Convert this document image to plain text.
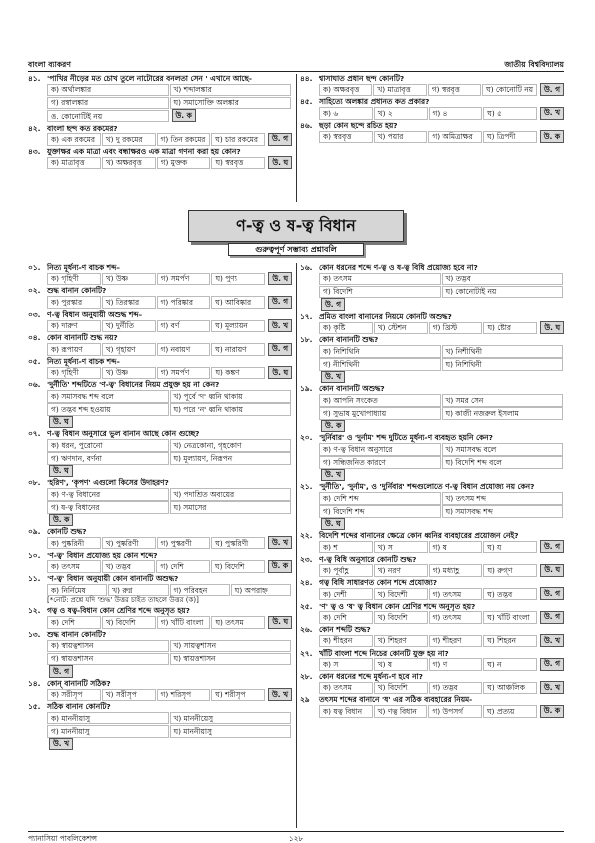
বাংলা ব্যাকরণ	জাতীয় বিশ্ববিদ্যালয়
৪১. 'পাখির নীড়ের মত চোখ তুলে নাটোরের বনলতা সেন ' এখানে আছে-
ক) অর্থালঙ্কার	খ) শব্দালঙ্কার
গ) রস্বালঙ্কার	ঘ) সমাসোক্তি অলঙ্কার
ঙ. কোনোটিই নয়	উ. ক
৪২. বাংলা ছন্দ কত রকমের?
ক) এক রকমের	খ) দু রকমের	গ) তিন রকমের	ঘ) চার রকমের	উ. গ
৪৩. যুক্তাক্ষর এক মাত্রা এবং বন্ধাক্ষরও এক মাত্রা গণনা করা হয় কোন?
ক) মাত্রাবৃত্ত	খ) অক্ষরবৃত্ত	গ) মুক্তক	ঘ) স্বরবৃত্ত	উ. ঘ
৪৪. শ্বাসাঘাত প্রধান ছন্দ কোনটি?
ক) অক্ষরবৃত্ত	খ) মাত্রাবৃত্ত	গ) স্বরবৃত্ত	ঘ) কোনোটি নয়	উ. গ
৪৫. সাহিত্যে অলঙ্কার প্রধানত কত প্রকার?
ক) ৬	খ) ২	গ) ৪	ঘ) ৫	উ. খ
৪৬. ছড়া কোন ছন্দে রচিত হয়?
ক) স্বরবৃত্ত	খ) পয়ার	গ) অমিত্রাক্ষর	ঘ) ত্রিপদী	উ. ক
ণ-ত্ব ও ষ-ত্ব বিধান
গুরুত্বপূর্ণ সম্ভাব্য প্রশ্নাবলি
০১. নিত্য মূর্ধন্য-ণ বাচক শব্দ–
ক) গৃহিণী	খ) উষ্ণ	গ) সমর্পণ	ঘ) পুণ্য	উ. ঘ
০২. শুদ্ধ বানান কোনটি?
ক) পুরস্কার	খ) তিরস্কার	গ) পরিষ্কার	ঘ) আবিষ্কার	উ. গ
০৩. ণ-ত্ব বিধান অনুযায়ী অশুদ্ধ শব্দ–
ক) দারুণ	খ) দুর্নীতি	গ) বর্ণ	ঘ) মূল্যায়ন	উ. খ
০৪. কোন বানানটি শুদ্ধ নয়?
ক) রূপায়ণ	খ) গৃহায়ণ	গ) নবায়ণ	ঘ) নারায়ণ	উ. গ
০৫. নিত্য মূর্ধন্য-ণ বাচক শব্দ–
ক) গৃহিণী	খ) উষ্ণ	গ) সমর্পণ	ঘ) কঙ্কণ	উ. ঘ
০৬. 'দুর্নীতি' শব্দটিতে 'ণ-ত্ব' বিধানের নিয়ম প্রযুক্ত হয় না কেন?
ক) সমাসবদ্ধ শব্দ বলে	খ) পূর্বে 'দ' ধ্বনি থাকায়
গ) তদ্ভব শব্দ হওয়ায়	ঘ) পরে 'ন' ধ্বনি থাকায়
উ. ঘ
০৭. ণ-ত্ব বিধান অনুসারে ভুল বানান আছে কোন গুচ্ছে?
ক) ধরন, পুরোনো	খ) নেত্রকোনা, গৃহকোণ
গ) ঋণদান, বর্ণনা	ঘ) মূল্যায়ণ, নিরূপন
উ. ঘ
০৮. 'হরিণ', 'কৃপণ' এগুলো কিসের উদাহরণ?
ক) ণ-ত্ব বিধানের	খ) পদাশ্রিত অব্যয়ের
গ) ষ-ত্ব বিধানের	ঘ) সমাসের
উ. ক
০৯. কোনটি শুদ্ধ?
ক) পুষ্করিনী	খ) পুষ্করিণী	গ) পুস্করণী	ঘ) পুস্করিণী	উ. খ
১০. 'ণ-ত্ব' বিধান প্রযোজ্য হয় কোন শব্দে?
ক) তৎসম	খ) তদ্ভব	গ) দেশি	ঘ) বিদেশি	উ. ক
১১. 'ণ-ত্ব' বিধান অনুযায়ী কোন বানানটি অশুদ্ধ?
ক) নির্নিমেষ	খ) রুগ্ন	গ) পরিবহন	ঘ) অপরাহ্ন
[*নোট: প্রশ্নে যদি 'শুদ্ধ' উত্তর চাইত তাহলে উত্তর (ক)]
১২. গত্ব ও ষত্ব-বিধান কোন শ্রেণির শব্দে অনুসৃত হয়?
ক) দেশি	খ) বিদেশি	গ) খাঁটি বাংলা	ঘ) তৎসম	উ. ঘ
১৩. শুদ্ধ বানান কোনটি?
ক) স্বায়ত্বশাসন	খ) সায়ত্বশাসন
গ) স্বায়ত্তশাসন	ঘ) স্বায়ত্তশাসন
উ. গ
১৪. কোন্ বানানটি সঠিক?
ক) সরীসৃপ	খ) সরীসৃপ	গ) শরিসৃপ	ঘ) শরীসৃপ	উ. খ
১৫. সঠিক বানান কোনটি?
ক) মাননীয়াসু	খ) মাননীয়েসু
গ) মাননীয়াসু	ঘ) মাননীয়াসু
উ. খ
১৬. কোন ধরনের শব্দে ণ-ত্ব ও ষ-ত্ব বিধি প্রয়োজ্য হবে না?
ক) তৎসম	খ) তদ্ভব
গ) বিদেশি	ঘ) কোনোটাই নয়
উ. গ
১৭. প্রমিত বাংলা বানানের নিয়মে কোনটি অশুদ্ধ?
ক) কৃষ্টি	খ) স্টেশন	গ) খ্রিস্ট	ঘ) ষ্টোর	উ. ঘ
১৮. কোন বানানটি শুদ্ধ?
ক) নিশিথিনি	খ) নিশীথিনী
গ) নীশিথিনী	ঘ) নিশিথিনী
উ. খ
১৯. কোন বানানটি অশুদ্ধ?
ক) আপনি সংকেত	খ) সমর সেন
গ) সুভাষ মুখোপাধ্যায়	ঘ) কাজী নজরুল ইসলাম
উ. ক
২০. 'দুর্নিবার' ও 'দুর্নাম' শব্দ দুটিতে মূর্ধন্য-ণ ব্যবহৃত হয়নি কেন?
ক) ণ-ত্ব বিধান অনুসারে	খ) সমাসবদ্ধ বলে
গ) সন্ধিজনিত কারণে	ঘ) বিদেশি শব্দ বলে
উ. খ
২১. 'দুর্নীতি', 'দুর্নাম', ও 'দুর্নিবার' শব্দগুলোতে ণ-ত্ব বিধান প্রযোজ্য নয় কেন?
ক) দেশি শব্দ	খ) তৎসম শব্দ
গ) বিদেশি শব্দ	ঘ) সমাসবদ্ধ শব্দ
উ. ঘ
২২. বিদেশি শব্দের বানানের ক্ষেত্রে কোন ধ্বনির ব্যবহারের প্রয়োজন নেই?
ক) শ	খ) স	গ) ষ	ঘ) য	উ. গ
২৩. ণ-ত্ব বিধি অনুসারে কোনটি শুদ্ধ?
ক) পূর্বাহ্ণ	খ) নরণ	গ) মধ্যাহ্ণ	ঘ) রুগ্ণ	উ. ঘ
২৪. গত্ব বিধি সাধারণত কোন শব্দে প্রযোজ্য?
ক) দেশী	খ) বিদেশী	গ) তৎসম	ঘ) তদ্ভব	উ. গ
২৫. 'ণ' ত্ব ও 'ষ' ত্ব বিধান কোন শ্রেণির শব্দে অনুসৃত হয়?
ক) দেশি	খ) বিদেশি	গ) তৎসম	ঘ) খাঁটি বাংলা	উ. গ
২৬. কোন শব্দটি শুদ্ধ?
ক) শীহরন	খ) শিহরণ	গ) শীহরণ	ঘ) শিহরন	উ. খ
২৭. খাঁটি বাংলা শব্দে নিচের কোনটি যুক্ত হয় না?
ক) স	খ) ষ	গ) ণ	ঘ) ন	উ. গ
২৮. কোন ধরনের শব্দে মূর্ধন্য-ণ হবে না?
ক) তৎসম	খ) বিদেশি	গ) তদ্ভব	ঘ) আঞ্চলিক	উ. খ
২৯	তৎসম শব্দের বানানে 'ষ' এর সঠিক ব্যবহারের নিয়ম-
ক) ষত্ব বিধান	খ) ণত্ব বিধান	গ) উপসর্গ	ঘ) প্রত্যয়	উ. ক
প্যানাসিয়া পাবলিকেশন্স	১২৮
